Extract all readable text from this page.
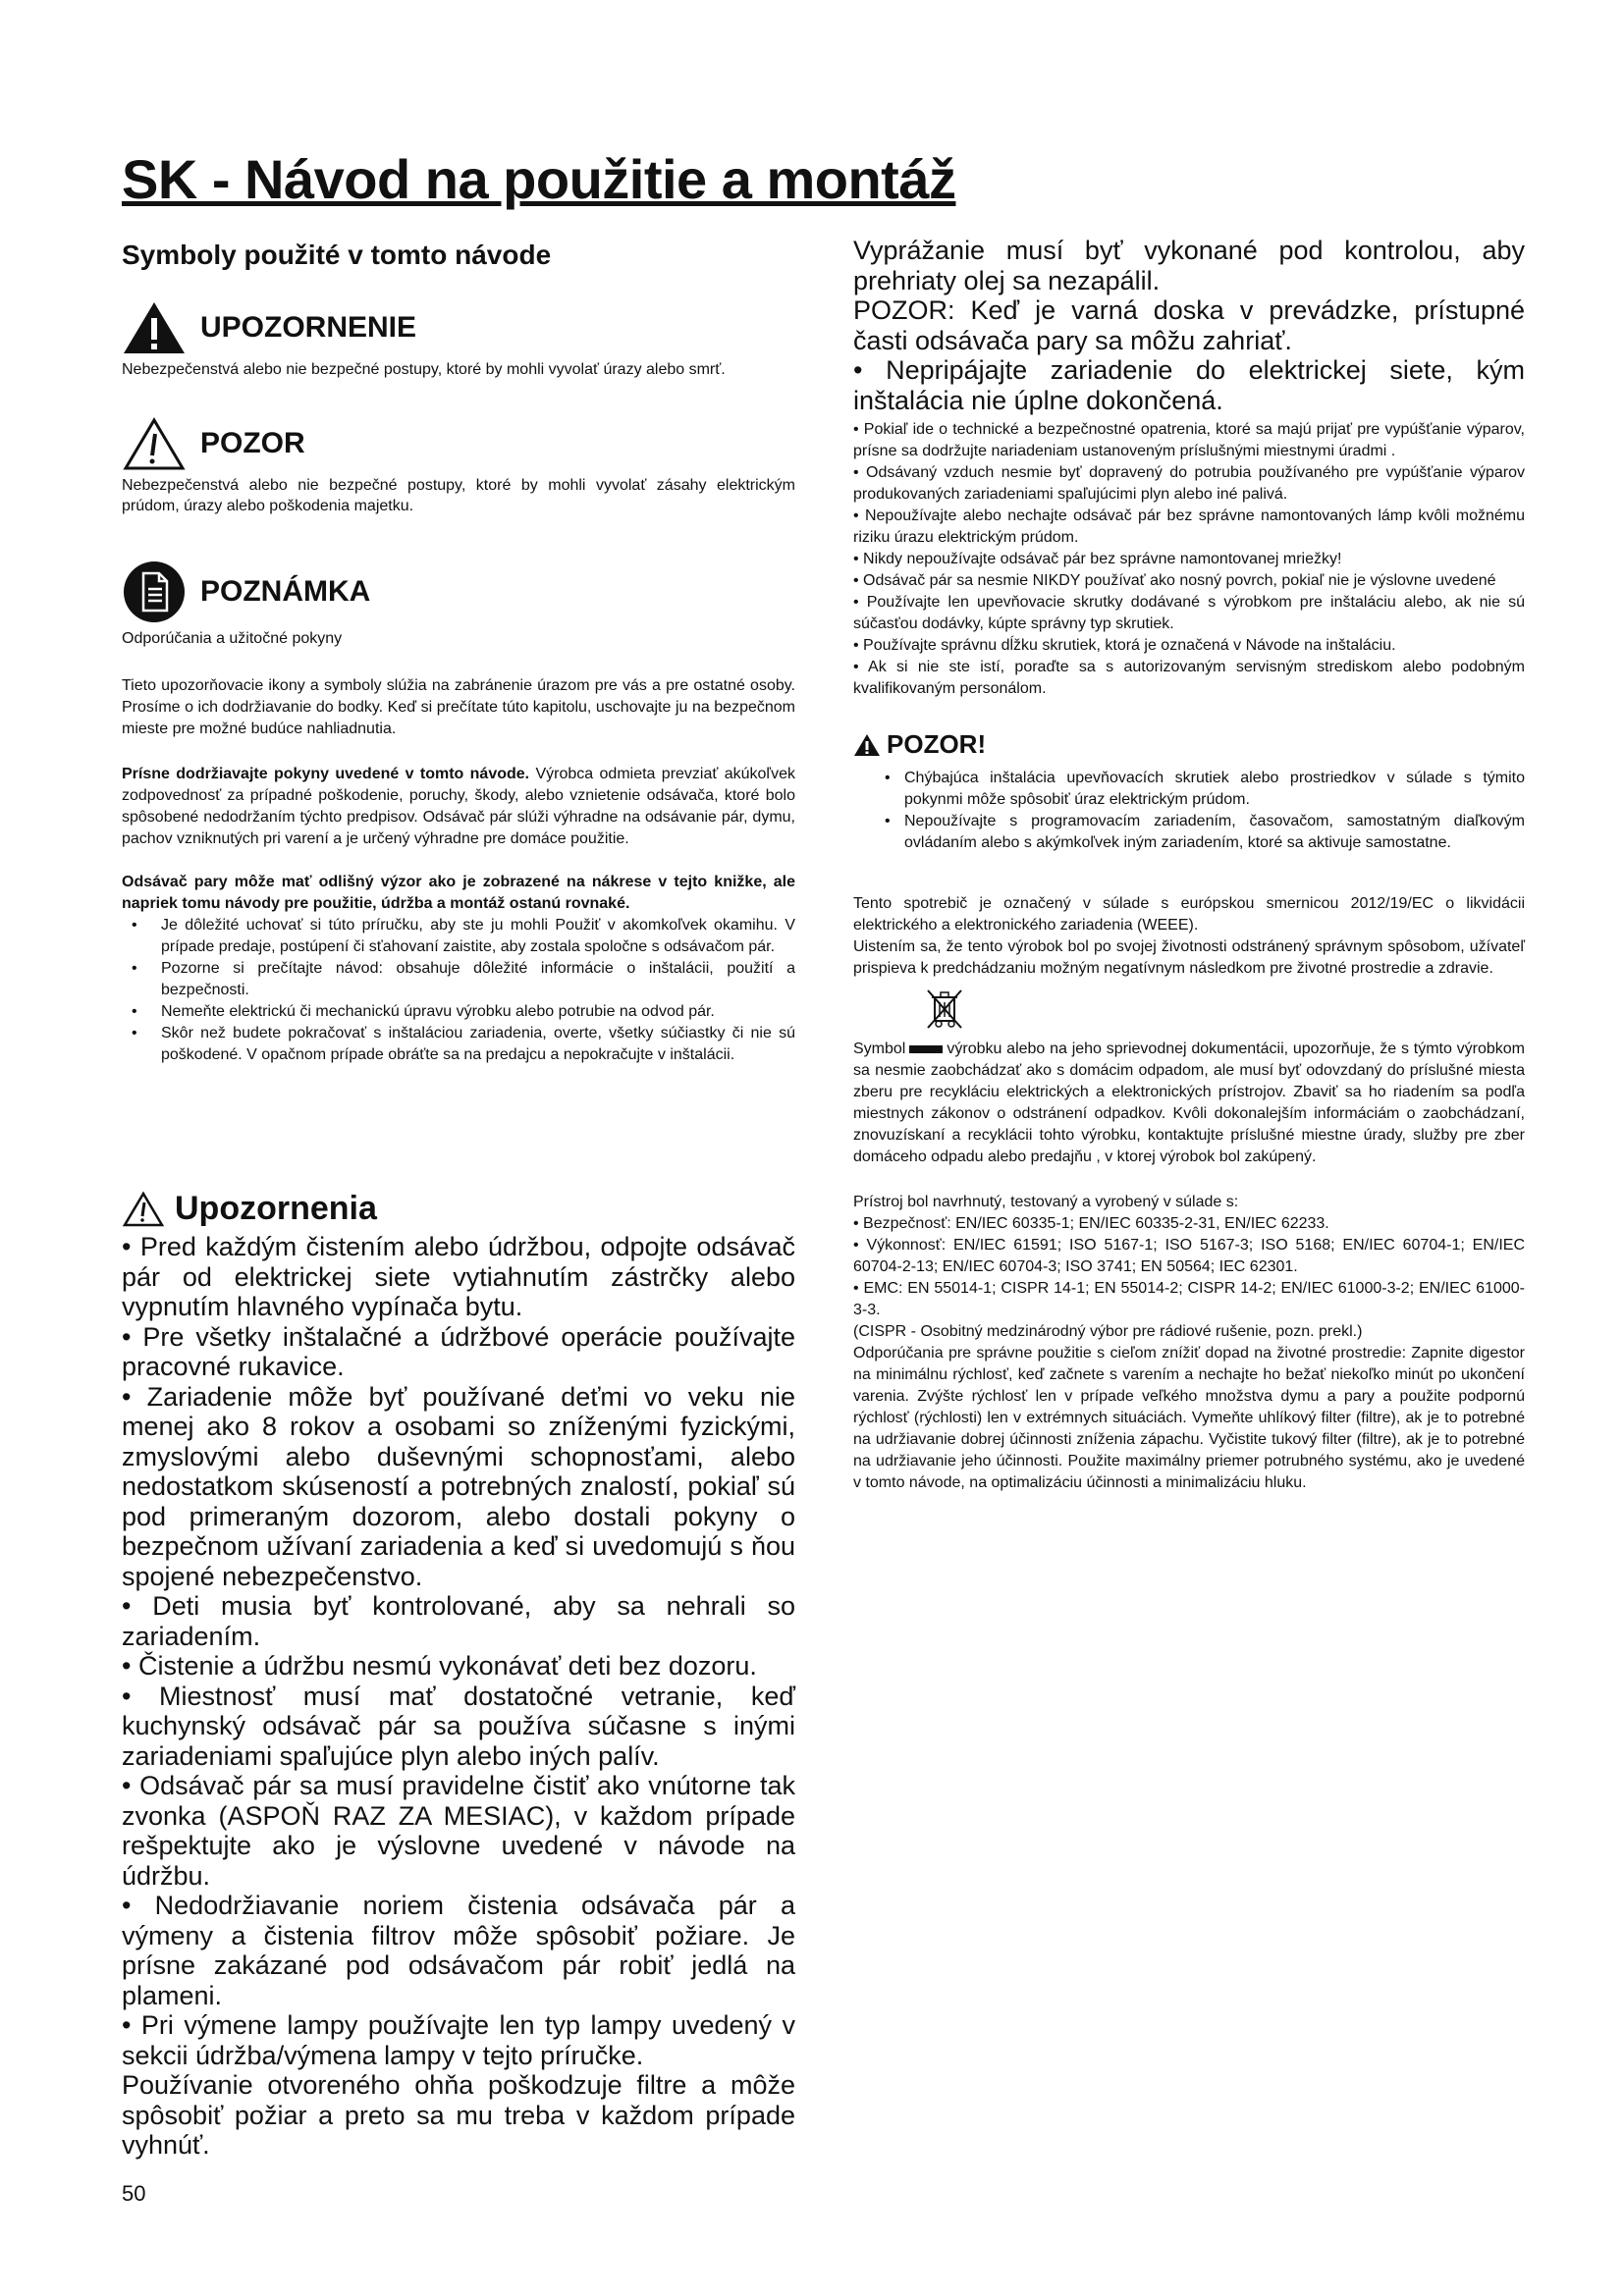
SK - Návod na použitie a montáž
Symboly použité v tomto návode
UPOZORNENIE

Nebezpečenstvá alebo nie bezpečné postupy, ktoré by mohli vyvolať úrazy alebo smrť.

POZOR

Nebezpečenstvá alebo nie bezpečné postupy, ktoré by mohli vyvolať zásahy elektrickým prúdom, úrazy alebo poškodenia majetku.

POZNÁMKA

Odporúčania a užitočné pokyny

Tieto upozorňovacie ikony a symboly slúžia na zabránenie úrazom pre vás a pre ostatné osoby. Prosíme o ich dodržiavanie do bodky. Keď si prečítate túto kapitolu, uschovajte ju na bezpečnom mieste pre možné budúce nahliadnutia.

Prísne dodržiavajte pokyny uvedené v tomto návode. Výrobca odmieta prevziať akúkoľvek zodpovednosť za prípadné poškodenie, poruchy, škody, alebo vznietenie odsávača, ktoré bolo spôsobené nedodržaním týchto predpisov. Odsávač pár slúži výhradne na odsávanie pár, dymu, pachov vzniknutých pri varení a je určený výhradne pre domáce použitie.

Odsávač pary môže mať odlišný výzor ako je zobrazené na nákrese v tejto knižke, ale napriek tomu návody pre použitie, údržba a montáž ostanú rovnaké.

• Je dôležité uchovať si túto príručku, aby ste ju mohli Použiť v akomkoľvek okamihu. V prípade predaje, postúpení či sťahovaní zaistite, aby zostala spoločne s odsávačom pár.
• Pozorne si prečítajte návod: obsahuje dôležité informácie o inštalácii, použití a bezpečnosti.
• Nemeňte elektrickú či mechanickú úpravu výrobku alebo potrubie na odvod pár.
• Skôr než budete pokračovať s inštaláciou zariadenia, overte, všetky súčiastky či nie sú poškodené. V opačnom prípade obráťte sa na predajcu a nepokračujte v inštalácii.
Upozornenia

• Pred každým čistením alebo údržbou, odpojte odsávač pár od elektrickej siete vytiahnutím zástrčky alebo vypnutím hlavného vypínača bytu.

• Pre všetky inštalačné a údržbové operácie používajte pracovné rukavice.

• Zariadenie môže byť používané deťmi vo veku nie menej ako 8 rokov a osobami so zníženými fyzickými, zmyslovými alebo duševnými schopnosťami, alebo nedostatkom skúseností a potrebných znalostí, pokiaľ sú pod primeraným dozorom, alebo dostali pokyny o bezpečnom užívaní zariadenia a keď si uvedomujú s ňou spojené nebezpečenstvo.

• Deti musia byť kontrolované, aby sa nehrali so zariadením.

• Čistenie a údržbu nesmú vykonávať deti bez dozoru.

• Miestnosť musí mať dostatočné vetranie, keď kuchynský odsávač pár sa používa súčasne s inými zariadeniami spaľujúce plyn alebo iných palív.

• Odsávač pár sa musí pravidelne čistiť ako vnútorne tak zvonka (ASPOŇ RAZ ZA MESIAC), v každom prípade rešpektujte ako je výslovne uvedené v návode na údržbu.

• Nedodržiavanie noriem čistenia odsávača pár a výmeny a čistenia filtrov môže spôsobiť požiare. Je prísne zakázané pod odsávačom pár robiť jedlá na plameni.

• Pri výmene lampy používajte len typ lampy uvedený v sekcii údržba/výmena lampy v tejto príručke.

Používanie otvoreného ohňa poškodzuje filtre a môže spôsobiť požiar a preto sa mu treba v každom prípade vyhnúť.

Vyprážanie musí byť vykonané pod kontrolou, aby prehriaty olej sa nezapálil.

POZOR: Keď je varná doska v prevádzke, prístupné časti odsávača pary sa môžu zahriať.

• Nepripájajte zariadenie do elektrickej siete, kým inštalácia nie úplne dokončená.

• Pokiaľ ide o technické a bezpečnostné opatrenia, ktoré sa majú prijať pre vypúšťanie výparov, prísne sa dodržujte nariadeniam ustanoveným príslušnými miestnymi úradmi .

• Odsávaný vzduch nesmie byť dopravený do potrubia používaného pre vypúšťanie výparov produkovaných zariadeniami spaľujúcimi plyn alebo iné palivá.

• Nepoužívajte alebo nechajte odsávač pár bez správne namontovaných lámp kvôli možnému riziku úrazu elektrickým prúdom.

• Nikdy nepoužívajte odsávač pár bez správne namontovanej mriežky!

• Odsávač pár sa nesmie NIKDY používať ako nosný povrch, pokiaľ nie je výslovne uvedené

• Používajte len upevňovacie skrutky dodávané s výrobkom pre inštaláciu alebo, ak nie sú súčasťou dodávky, kúpte správny typ skrutiek.

• Používajte správnu dĺžku skrutiek, ktorá je označená v Návode na inštaláciu.

• Ak si nie ste istí, poraďte sa s autorizovaným servisným strediskom alebo podobným kvalifikovaným personálom.

POZOR!
• Chýbajúca inštalácia upevňovacích skrutiek alebo prostriedkov v súlade s týmito pokynmi môže spôsobiť úraz elektrickým prúdom.
• Nepoužívajte s programovacím zariadením, časovačom, samostatným diaľkovým ovládaním alebo s akýmkoľvek iným zariadením, ktoré sa aktivuje samostatne.

Tento spotrebič je označený v súlade s európskou smernicou 2012/19/EC o likvidácii elektrického a elektronického zariadenia (WEEE).

Uistením sa, že tento výrobok bol po svojej životnosti odstránený správnym spôsobom, užívateľ prispieva k predchádzaniu možným negatívnym následkom pre životné prostredie a zdravie.

Symbol	výrobku alebo na jeho sprievodnej dokumentácii, upozorňuje, že s týmto výrobkom sa nesmie zaobchádzať ako s domácim odpadom, ale musí byť odovzdaný do príslušné miesta zberu pre recykláciu elektrických a elektronických prístrojov. Zbaviť sa ho riadením sa podľa miestnych zákonov o odstránení odpadkov. Kvôli dokonalejším informáciám o zaobchádzaní, znovuzískaní a recyklácii tohto výrobku, kontaktujte príslušné miestne úrady, služby pre zber domáceho odpadu alebo predajňu , v ktorej výrobok bol zakúpený.

Prístroj bol navrhnutý, testovaný a vyrobený v súlade s:

• Bezpečnosť: EN/IEC 60335-1; EN/IEC 60335-2-31, EN/IEC 62233.

• Výkonnosť: EN/IEC 61591; ISO 5167-1; ISO 5167-3; ISO 5168; EN/IEC 60704-1; EN/IEC 60704-2-13; EN/IEC 60704-3; ISO 3741; EN 50564; IEC 62301.

• EMC: EN 55014-1; CISPR 14-1; EN 55014-2; CISPR 14-2; EN/IEC 61000-3-2; EN/IEC 61000-3-3.

(CISPR - Osobitný medzinárodný výbor pre rádiové rušenie, pozn. prekl.)

Odporúčania pre správne použitie s cieľom znížiť dopad na životné prostredie: Zapnite digestor na minimálnu rýchlosť, keď začnete s varením a nechajte ho bežať niekoľko minút po ukončení varenia. Zvýšte rýchlosť len v prípade veľkého množstva dymu a pary a použite podpornú rýchlosť (rýchlosti) len v extrémnych situáciách. Vymeňte uhlíkový filter (filtre), ak je to potrebné na udržiavanie dobrej účinnosti zníženia zápachu. Vyčistite tukový filter (filtre), ak je to potrebné na udržiavanie jeho účinnosti. Použite maximálny priemer potrubného systému, ako je uvedené v tomto návode, na optimalizáciu účinnosti a minimalizáciu hluku.

50
